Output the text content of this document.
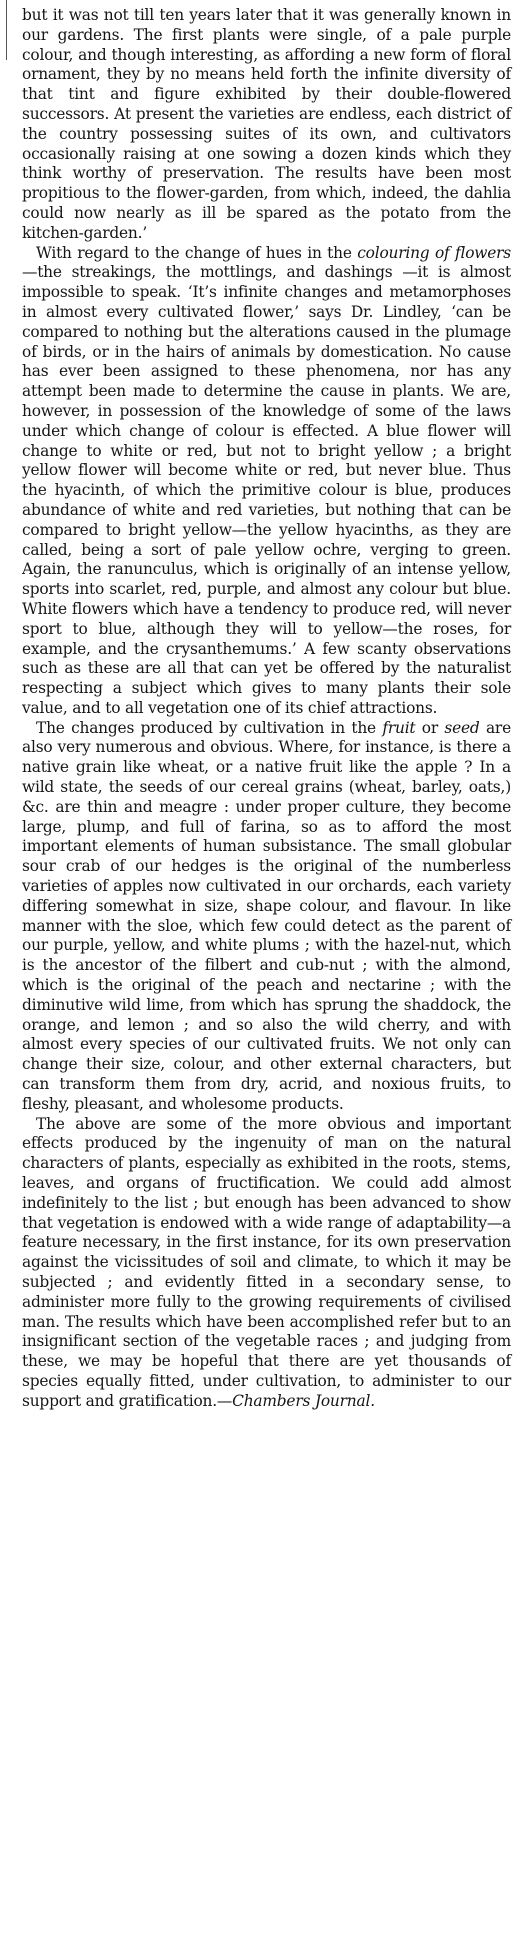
but it was not till ten years later that it was generally known in our gardens. The first plants were single, of a pale purple colour, and though interesting, as affording a new form of floral ornament, they by no means held forth the infinite diversity of that tint and figure exhibited by their double-flowered successors. At present the varieties are endless, each district of the country possessing suites of its own, and cultivators occasionally raising at one sowing a dozen kinds which they think worthy of preservation. The results have been most propitious to the flower-garden, from which, indeed, the dahlia could now nearly as ill be spared as the potato from the kitchen-garden.’

With regard to the change of hues in the colouring of flowers—the streakings, the mottlings, and dashings —it is almost impossible to speak. ‘It’s infinite changes and metamorphoses in almost every cultivated flower,’ says Dr. Lindley, ‘can be compared to nothing but the alterations caused in the plumage of birds, or in the hairs of animals by domestication. No cause has ever been assigned to these phenomena, nor has any attempt been made to determine the cause in plants. We are, however, in possession of the knowledge of some of the laws under which change of colour is effected. A blue flower will change to white or red, but not to bright yellow ; a bright yellow flower will become white or red, but never blue. Thus the hyacinth, of which the primitive colour is blue, produces abundance of white and red varieties, but nothing that can be compared to bright yellow—the yellow hyacinths, as they are called, being a sort of pale yellow ochre, verging to green. Again, the ranunculus, which is originally of an intense yellow, sports into scarlet, red, purple, and almost any colour but blue. White flowers which have a tendency to produce red, will never sport to blue, although they will to yellow—the roses, for example, and the crysanthemums.’ A few scanty observations such as these are all that can yet be offered by the naturalist respecting a subject which gives to many plants their sole value, and to all vegetation one of its chief attractions.

The changes produced by cultivation in the fruit or seed are also very numerous and obvious. Where, for instance, is there a native grain like wheat, or a native fruit like the apple ? In a wild state, the seeds of our cereal grains (wheat, barley, oats,) &c. are thin and meagre : under proper culture, they become large, plump, and full of farina, so as to afford the most important elements of human subsistance. The small globular sour crab of our hedges is the original of the numberless varieties of apples now cultivated in our orchards, each variety differing somewhat in size, shape colour, and flavour. In like manner with the sloe, which few could detect as the parent of our purple, yellow, and white plums ; with the hazel-nut, which is the ancestor of the filbert and cub-nut ; with the almond, which is the original of the peach and nectarine ; with the diminutive wild lime, from which has sprung the shaddock, the orange, and lemon ; and so also the wild cherry, and with almost every species of our cultivated fruits. We not only can change their size, colour, and other external characters, but can transform them from dry, acrid, and noxious fruits, to fleshy, pleasant, and wholesome products.

The above are some of the more obvious and important effects produced by the ingenuity of man on the natural characters of plants, especially as exhibited in the roots, stems, leaves, and organs of fructification. We could add almost indefinitely to the list ; but enough has been advanced to show that vegetation is endowed with a wide range of adaptability—a feature necessary, in the first instance, for its own preservation against the vicissitudes of soil and climate, to which it may be subjected ; and evidently fitted in a secondary sense, to administer more fully to the growing requirements of civilised man. The results which have been accomplished refer but to an insignificant section of the vegetable races ; and judging from these, we may be hopeful that there are yet thousands of species equally fitted, under cultivation, to administer to our support and gratification.—Chambers Journal.
